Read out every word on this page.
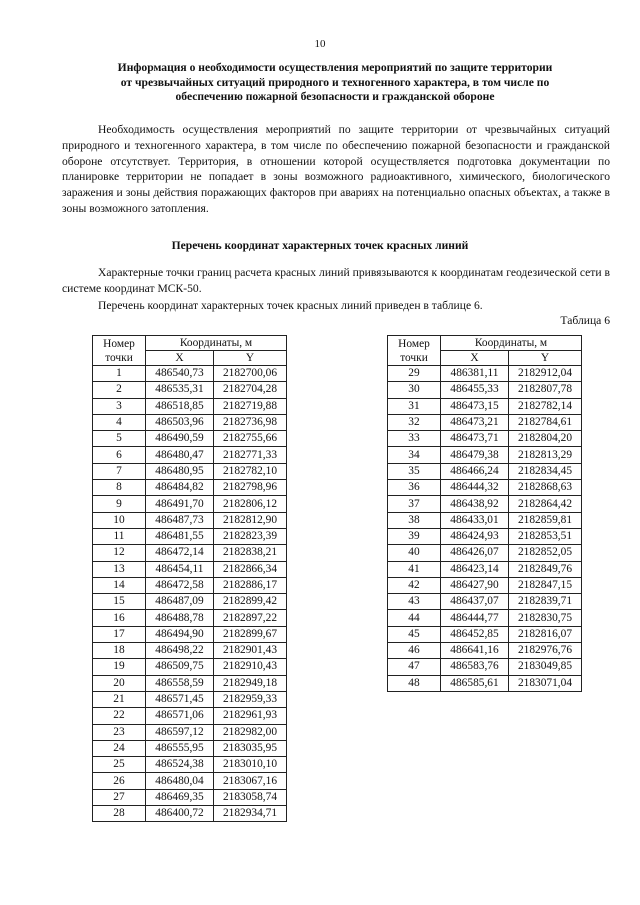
10
Информация о необходимости осуществления мероприятий по защите территории
от чрезвычайных ситуаций природного и техногенного характера, в том числе по
обеспечению пожарной безопасности и гражданской обороне
Необходимость осуществления мероприятий по защите территории от чрезвычайных ситуаций природного и техногенного характера, в том числе по обеспечению пожарной безопасности и гражданской обороне отсутствует. Территория, в отношении которой осуществляется подготовка документации по планировке территории не попадает в зоны возможного радиоактивного, химического, биологического заражения и зоны действия поражающих факторов при авариях на потенциально опасных объектах, а также в зоны возможного затопления.
Перечень координат характерных точек красных линий
Характерные точки границ расчета красных линий привязываются к координатам геодезической сети в системе координат МСК-50.
Перечень координат характерных точек красных линий приведен в таблице 6.
Таблица 6
Номер
точки	Координаты, м	
	X	Y
1	486540,73	2182700,06
2	486535,31	2182704,28
3	486518,85	2182719,88
4	486503,96	2182736,98
5	486490,59	2182755,66
6	486480,47	2182771,33
7	486480,95	2182782,10
8	486484,82	2182798,96
9	486491,70	2182806,12
10	486487,73	2182812,90
11	486481,55	2182823,39
12	486472,14	2182838,21
13	486454,11	2182866,34
14	486472,58	2182886,17
15	486487,09	2182899,42
16	486488,78	2182897,22
17	486494,90	2182899,67
18	486498,22	2182901,43
19	486509,75	2182910,43
20	486558,59	2182949,18
21	486571,45	2182959,33
22	486571,06	2182961,93
23	486597,12	2182982,00
24	486555,95	2183035,95
25	486524,38	2183010,10
26	486480,04	2183067,16
27	486469,35	2183058,74
28	486400,72	2182934,71
Номер
точки	Координаты, м	
	X	Y
29	486381,11	2182912,04
30	486455,33	2182807,78
31	486473,15	2182782,14
32	486473,21	2182784,61
33	486473,71	2182804,20
34	486479,38	2182813,29
35	486466,24	2182834,45
36	486444,32	2182868,63
37	486438,92	2182864,42
38	486433,01	2182859,81
39	486424,93	2182853,51
40	486426,07	2182852,05
41	486423,14	2182849,76
42	486427,90	2182847,15
43	486437,07	2182839,71
44	486444,77	2182830,75
45	486452,85	2182816,07
46	486641,16	2182976,76
47	486583,76	2183049,85
48	486585,61	2183071,04
